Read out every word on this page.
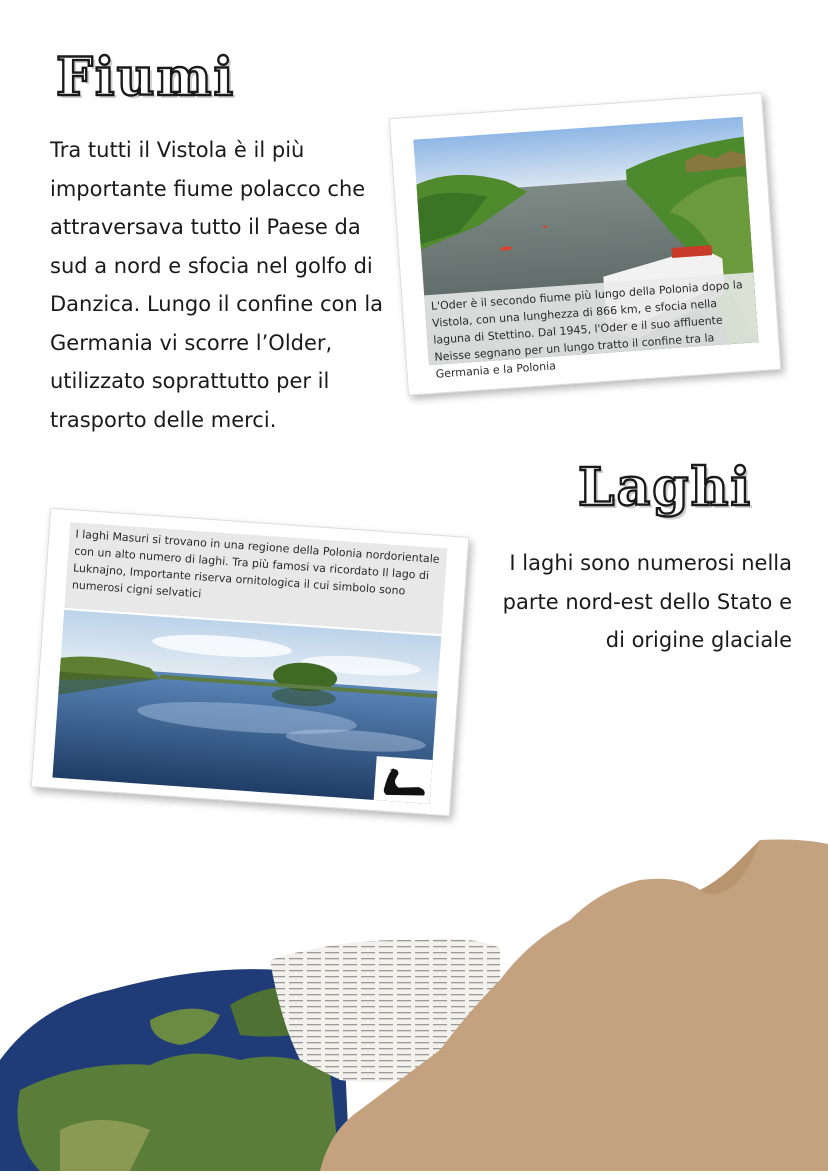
Fiumi

Tra tutti il Vistola è il più importante fiume polacco che attraversava tutto il Paese da sud a nord e sfocia nel golfo di Danzica. Lungo il confine con la Germania vi scorre l’Older, utilizzato soprattutto per il trasporto delle merci.

L'Oder è il secondo fiume più lungo della Polonia dopo la Vistola, con una lunghezza di 866 km, e sfocia nella laguna di Stettino. Dal 1945, l'Oder e il suo affluente Neisse segnano per un lungo tratto il confine tra la Germania e la Polonia

Laghi

I laghi sono numerosi nella parte nord-est dello Stato e di origine glaciale

I laghi Masuri si trovano in una regione della Polonia nordorientale con un alto numero di laghi. Tra più famosi va ricordato Il lago di Luknajno, Importante riserva ornitologica il cui simbolo sono numerosi cigni selvatici
